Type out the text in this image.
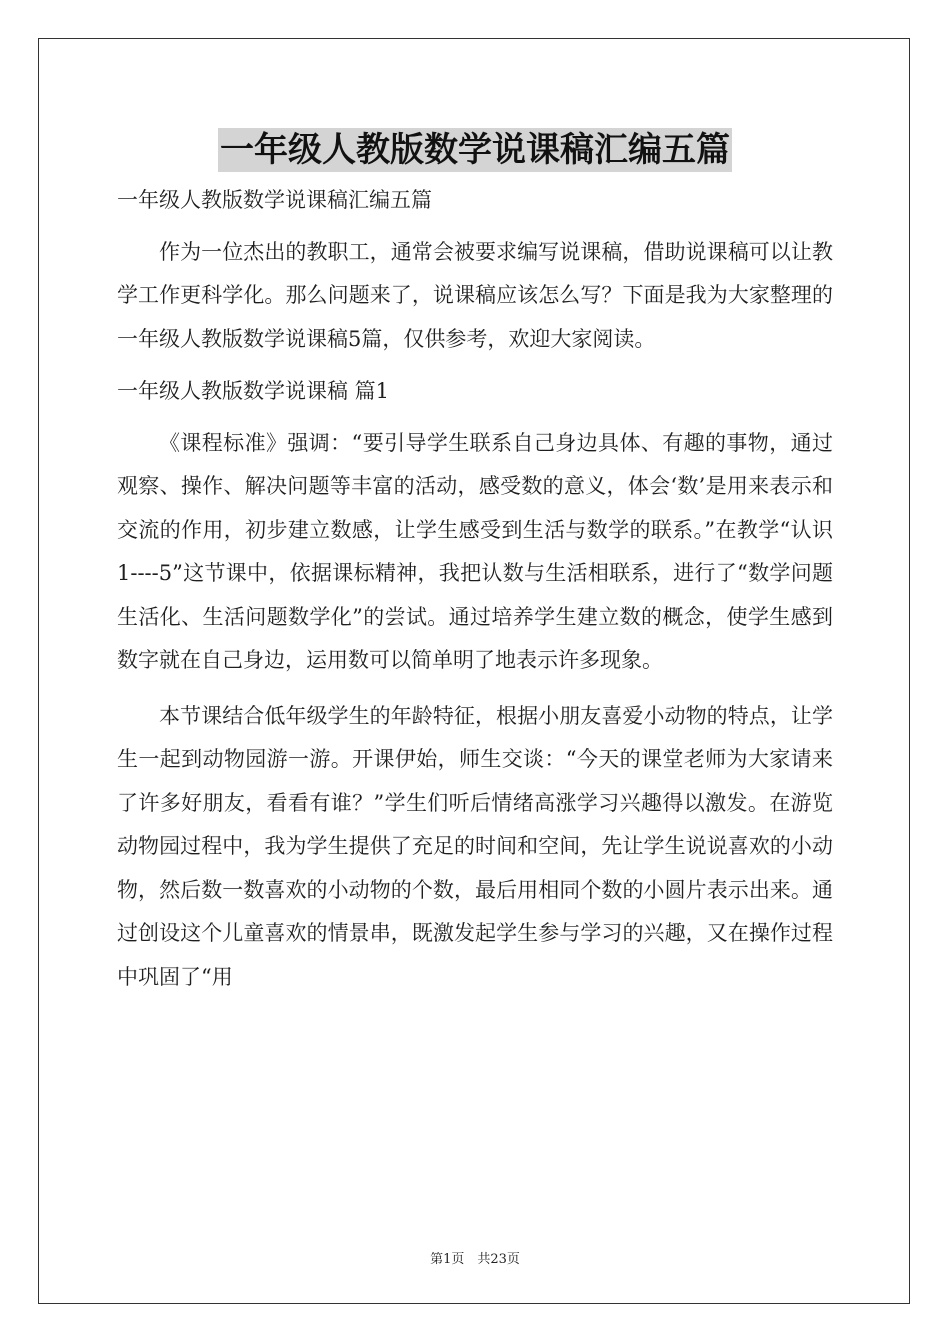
一年级人教版数学说课稿汇编五篇

一年级人教版数学说课稿汇编五篇

作为一位杰出的教职工，通常会被要求编写说课稿，借助说课稿可以让教学工作更科学化。那么问题来了，说课稿应该怎么写？下面是我为大家整理的一年级人教版数学说课稿5篇，仅供参考，欢迎大家阅读。

一年级人教版数学说课稿 篇1

《课程标准》强调：“要引导学生联系自己身边具体、有趣的事物，通过观察、操作、解决问题等丰富的活动，感受数的意义，体会‘数’是用来表示和交流的作用，初步建立数感，让学生感受到生活与数学的联系。”在教学“认识1----5”这节课中，依据课标精神，我把认数与生活相联系，进行了“数学问题生活化、生活问题数学化”的尝试。通过培养学生建立数的概念，使学生感到数字就在自己身边，运用数可以简单明了地表示许多现象。

本节课结合低年级学生的年龄特征，根据小朋友喜爱小动物的特点，让学生一起到动物园游一游。开课伊始，师生交谈：“今天的课堂老师为大家请来了许多好朋友，看看有谁？”学生们听后情绪高涨学习兴趣得以激发。在游览动物园过程中，我为学生提供了充足的时间和空间，先让学生说说喜欢的小动物，然后数一数喜欢的小动物的个数，最后用相同个数的小圆片表示出来。通过创设这个儿童喜欢的情景串，既激发起学生参与学习的兴趣，又在操作过程中巩固了“用

第1页　共23页
